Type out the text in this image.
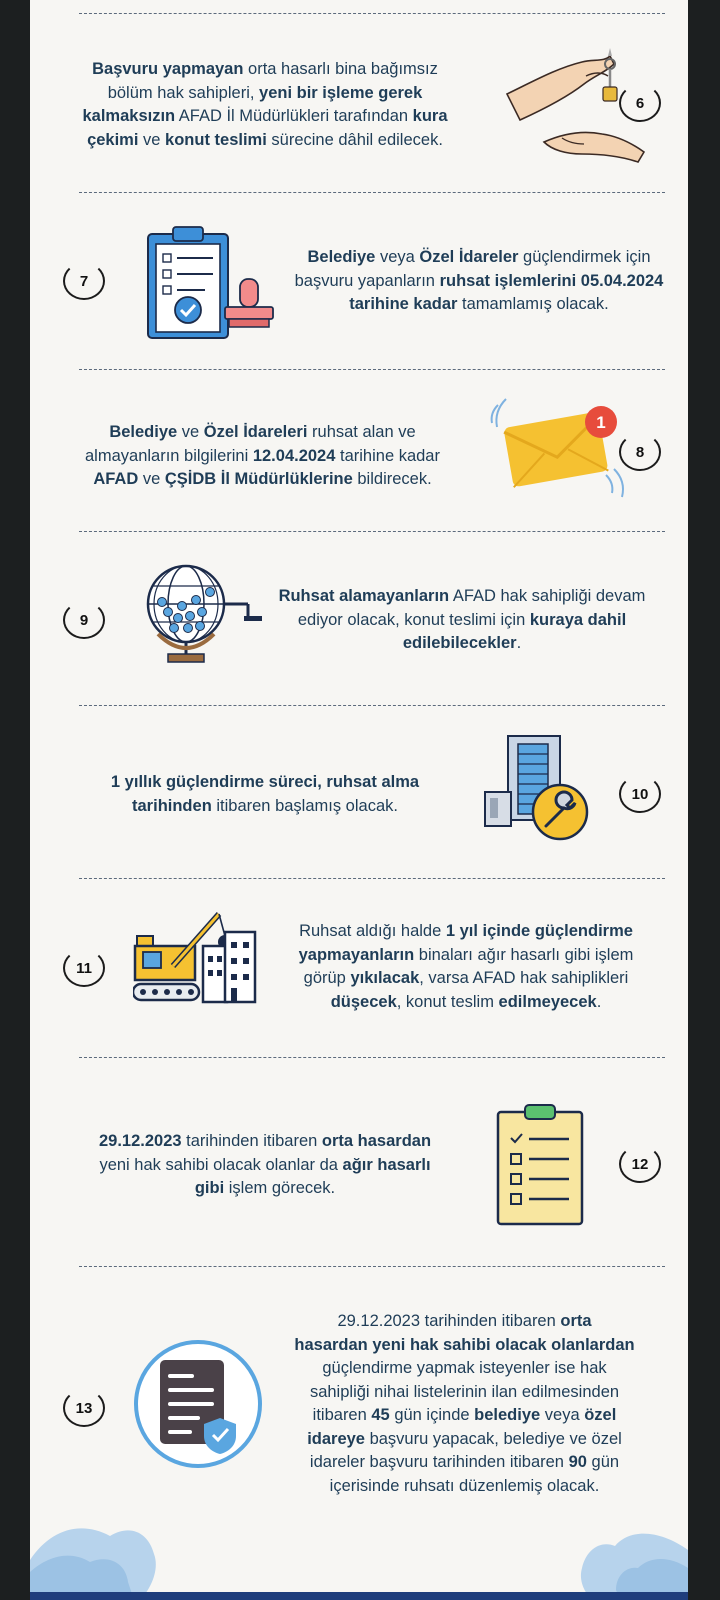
Başvuru yapmayan orta hasarlı bina bağımsız
bölüm hak sahipleri, yeni bir işleme gerek
kalmaksızın AFAD İl Müdürlükleri tarafından kura
çekimi ve konut teslimi sürecine dâhil edilecek.
6
7
Belediye veya Özel İdareler güçlendirmek için
başvuru yapanların ruhsat işlemlerini 05.04.2024
tarihine kadar tamamlamış olacak.
Belediye ve Özel İdareleri ruhsat alan ve
almayanların bilgilerini 12.04.2024 tarihine kadar
AFAD ve ÇŞİDB İl Müdürlüklerine bildirecek.
1
8
9
Ruhsat alamayanların AFAD hak sahipliği devam
ediyor olacak, konut teslimi için kuraya dahil
edilebilecekler.
1 yıllık güçlendirme süreci, ruhsat alma
tarihinden itibaren başlamış olacak.
10
11
Ruhsat aldığı halde 1 yıl içinde güçlendirme
yapmayanların binaları ağır hasarlı gibi işlem
görüp yıkılacak, varsa AFAD hak sahiplikleri
düşecek, konut teslim edilmeyecek.
29.12.2023 tarihinden itibaren orta hasardan
yeni hak sahibi olacak olanlar da ağır hasarlı
gibi işlem görecek.
12
13
29.12.2023 tarihinden itibaren orta
hasardan yeni hak sahibi olacak olanlardan
güçlendirme yapmak isteyenler ise hak
sahipliği nihai listelerinin ilan edilmesinden
itibaren 45 gün içinde belediye veya özel
idareye başvuru yapacak, belediye ve özel
idareler başvuru tarihinden itibaren 90 gün
içerisinde ruhsatı düzenlemiş olacak.
